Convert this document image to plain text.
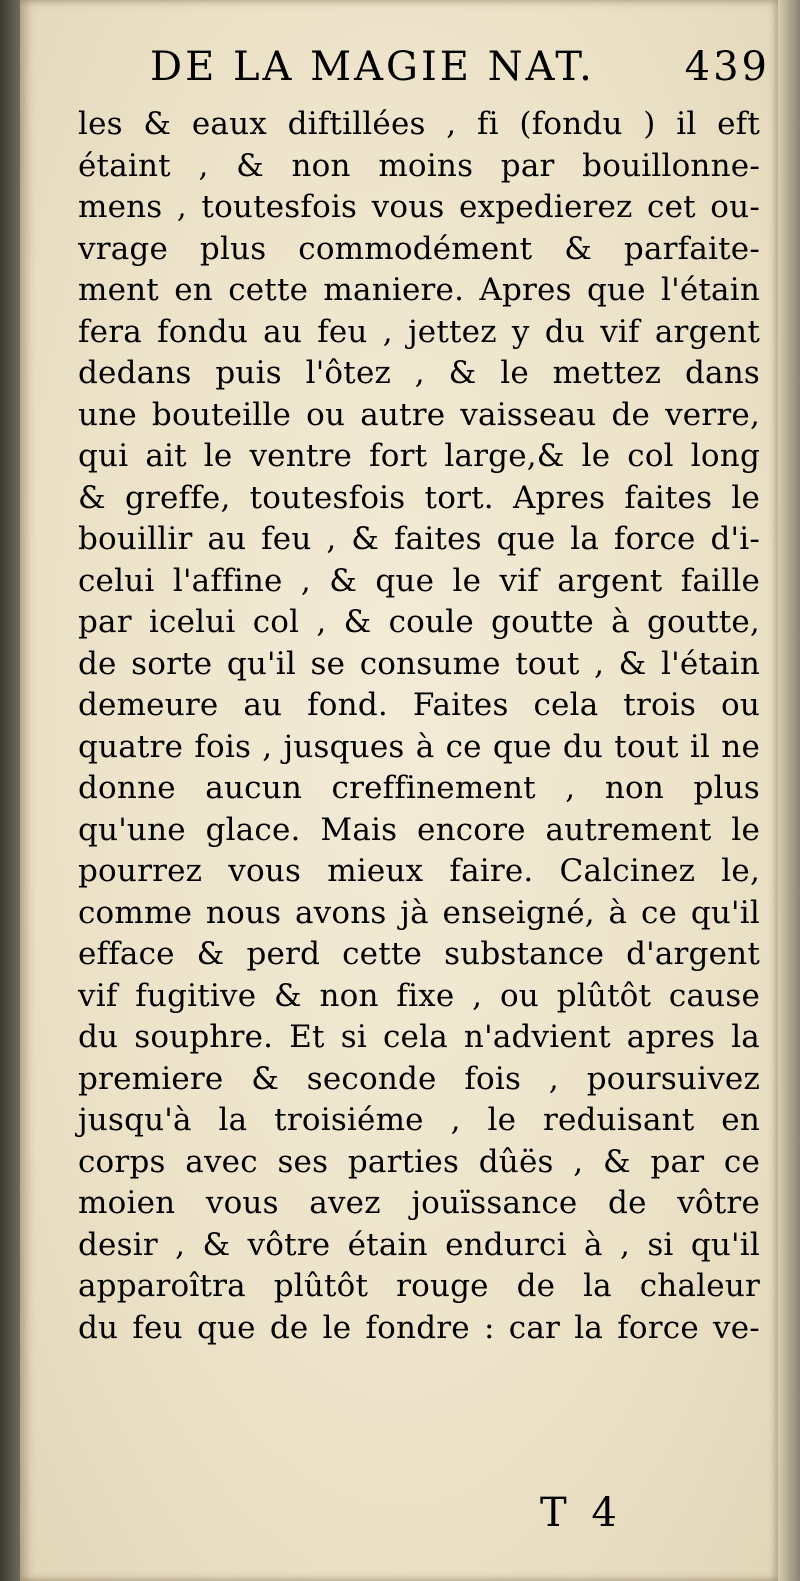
DE LA MAGIE NAT. 439
les & eaux diftillées , fi (fondu ) il eft
étaint , & non moins par bouillonne-
mens , toutesfois vous expedierez cet ou-
vrage plus commodément & parfaite-
ment en cette maniere. Apres que l'étain
fera fondu au feu , jettez y du vif argent
dedans puis l'ôtez , & le mettez dans
une bouteille ou autre vaisseau de verre,
qui ait le ventre fort large,& le col long
& greffe, toutesfois tort. Apres faites le
bouillir au feu , & faites que la force d'i-
celui l'affine , & que le vif argent faille
par icelui col , & coule goutte à goutte,
de sorte qu'il se consume tout , & l'étain
demeure au fond. Faites cela trois ou
quatre fois , jusques à ce que du tout il ne
donne aucun creffinement , non plus
qu'une glace. Mais encore autrement le
pourrez vous mieux faire. Calcinez le,
comme nous avons jà enseigné, à ce qu'il
efface & perd cette substance d'argent
vif fugitive & non fixe , ou plûtôt cause
du souphre. Et si cela n'advient apres la
premiere & seconde fois , poursuivez
jusqu'à la troisiéme , le reduisant en
corps avec ses parties dûës , & par ce
moien vous avez jouïssance de vôtre
desir , & vôtre étain endurci à , si qu'il
apparoîtra plûtôt rouge de la chaleur
du feu que de le fondre : car la force ve-
T 4
